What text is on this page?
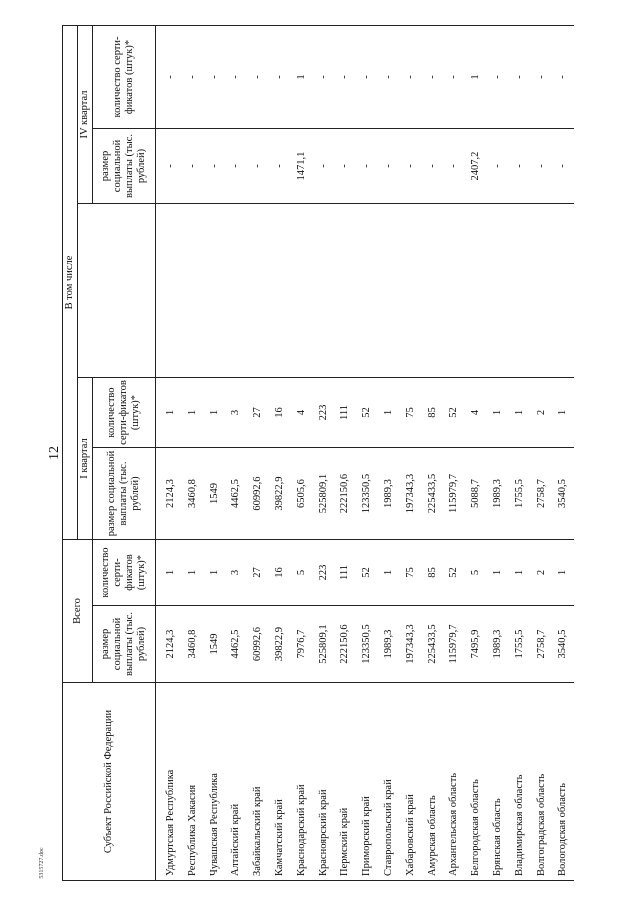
12
5315727.doc
Субъект Российской Федерации	Всего		В том числе				
			I квартал			IV квартал	
	размер социальной выплаты (тыс. рублей)	количество серти-фикатов (штук)*	размер социальной выплаты (тыс. рублей)	количество серти-фикатов (штук)*		размер социальной выплаты (тыс. рублей)	количество серти-фикатов (штук)*
Удмуртская Республика	2124,3	1	2124,3	1		-	-
Республика Хакасия	3460,8	1	3460,8	1		-	-
Чувашская Республика	1549	1	1549	1		-	-
Алтайский край	4462,5	3	4462,5	3		-	-
Забайкальский край	60992,6	27	60992,6	27		-	-
Камчатский край	39822,9	16	39822,9	16		-	-
Краснодарский край	7976,7	5	6505,6	4		1471,1	1
Красноярский край	525809,1	223	525809,1	223		-	-
Пермский край	222150,6	111	222150,6	111		-	-
Приморский край	123350,5	52	123350,5	52		-	-
Ставропольский край	1989,3	1	1989,3	1		-	-
Хабаровский край	197343,3	75	197343,3	75		-	-
Амурская область	225433,5	85	225433,5	85		-	-
Архангельская область	115979,7	52	115979,7	52		-	-
Белгородская область	7495,9	5	5088,7	4		2407,2	1
Брянская область	1989,3	1	1989,3	1		-	-
Владимирская область	1755,5	1	1755,5	1		-	-
Волгоградская область	2758,7	2	2758,7	2		-	-
Вологодская область	3540,5	1	3540,5	1		-	-
